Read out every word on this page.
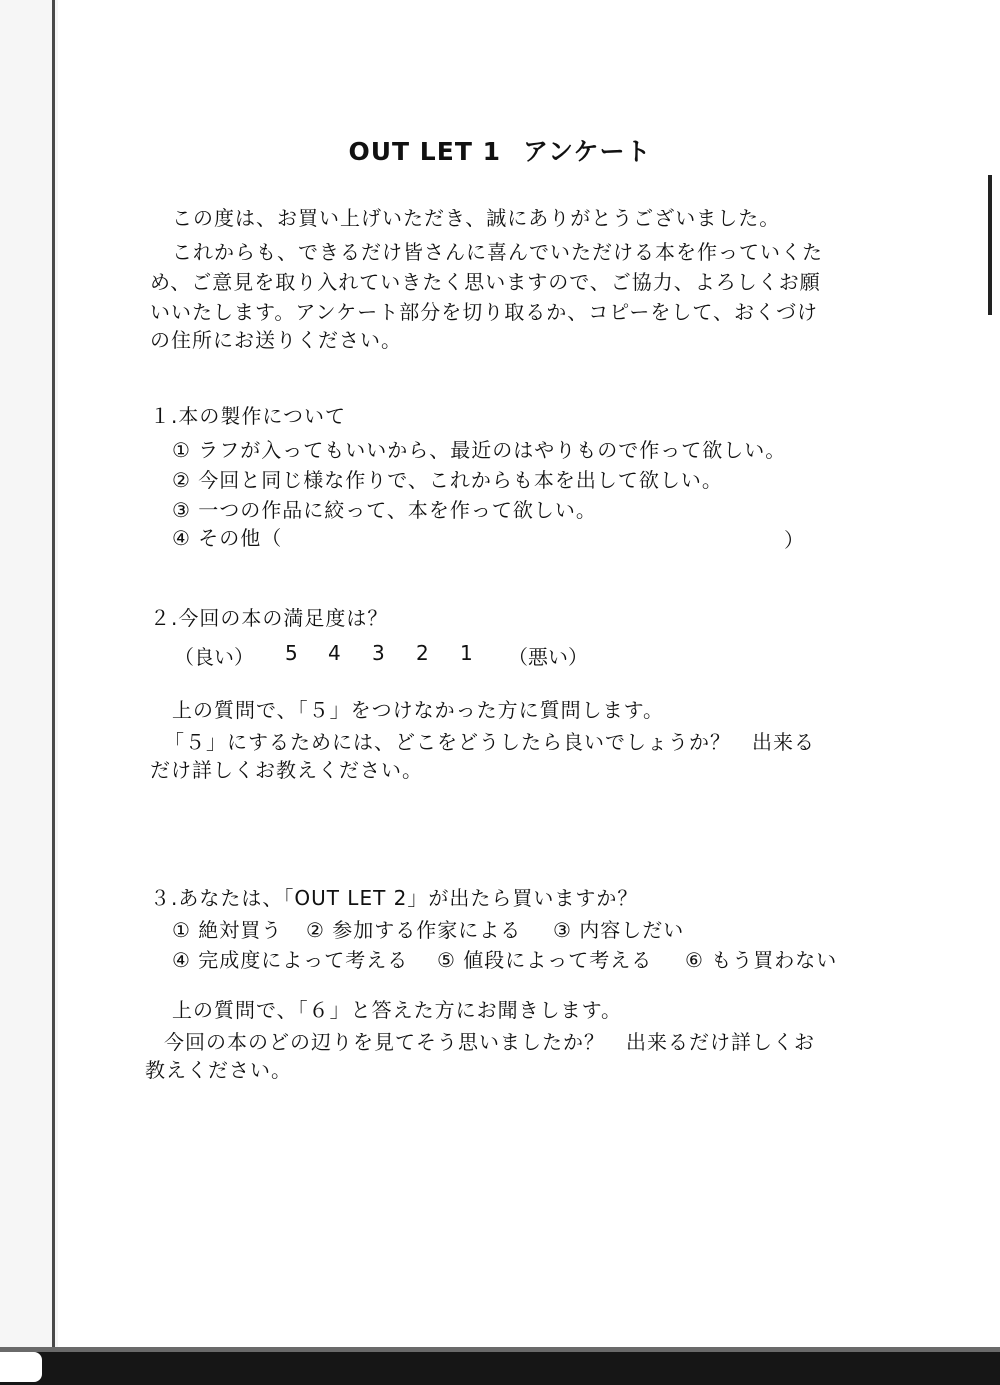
OUT LET 1 アンケート
この度は、お買い上げいただき、誠にありがとうございました。
これからも、できるだけ皆さんに喜んでいただける本を作っていくた
め、ご意見を取り入れていきたく思いますので、ご協力、よろしくお願
いいたします。アンケート部分を切り取るか、コピーをして、おくづけ
の住所にお送りください。
１.本の製作について
① ラフが入ってもいいから、最近のはやりもので作って欲しい。
② 今回と同じ様な作りで、これからも本を出して欲しい。
③ 一つの作品に絞って、本を作って欲しい。
④ その他（	）
２.今回の本の満足度は？
（良い） 5 4 3 2 1 （悪い）
上の質問で、「５」をつけなかった方に質問します。
「５」にするためには、どこをどうしたら良いでしょうか？　出来る
だけ詳しくお教えください。
３.あなたは、「OUT LET 2」が出たら買いますか？
① 絶対買う ② 参加する作家による ③ 内容しだい
④ 完成度によって考える ⑤ 値段によって考える ⑥ もう買わない
上の質問で、「６」と答えた方にお聞きします。
今回の本のどの辺りを見てそう思いましたか？　出来るだけ詳しくお
教えください。
